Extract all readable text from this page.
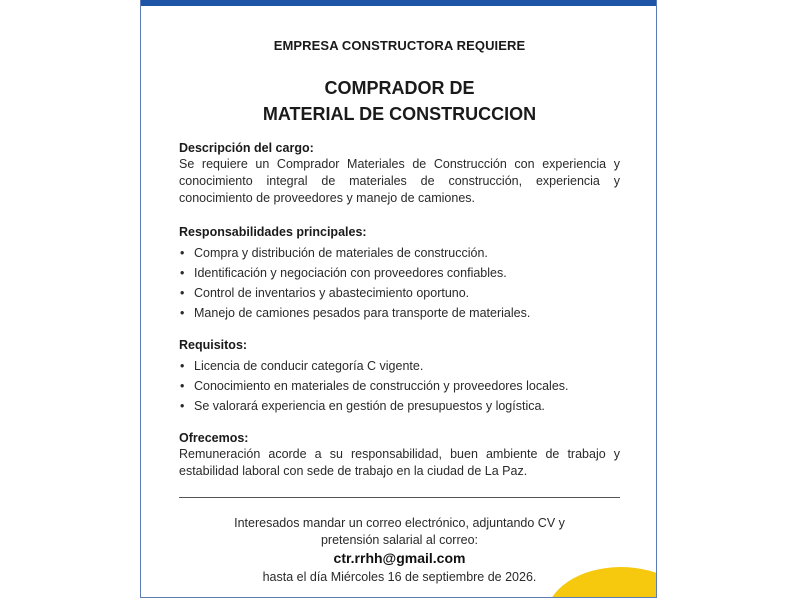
EMPRESA CONSTRUCTORA REQUIERE
COMPRADOR DE
MATERIAL DE CONSTRUCCION
Descripción del cargo:
Se requiere un Comprador Materiales de Construcción con experiencia y conocimiento integral de materiales de construcción, experiencia y conocimiento de proveedores y manejo de camiones.
Responsabilidades principales:
• Compra y distribución de materiales de construcción.
• Identificación y negociación con proveedores confiables.
• Control de inventarios y abastecimiento oportuno.
• Manejo de camiones pesados para transporte de materiales.
Requisitos:
• Licencia de conducir categoría C vigente.
• Conocimiento en materiales de construcción y proveedores locales.
• Se valorará experiencia en gestión de presupuestos y logística.
Ofrecemos:
Remuneración acorde a su responsabilidad, buen ambiente de trabajo y estabilidad laboral con sede de trabajo en la ciudad de La Paz.
Interesados mandar un correo electrónico, adjuntando CV y
pretensión salarial al correo:
ctr.rrhh@gmail.com
hasta el día Miércoles 16 de septiembre de 2026.
